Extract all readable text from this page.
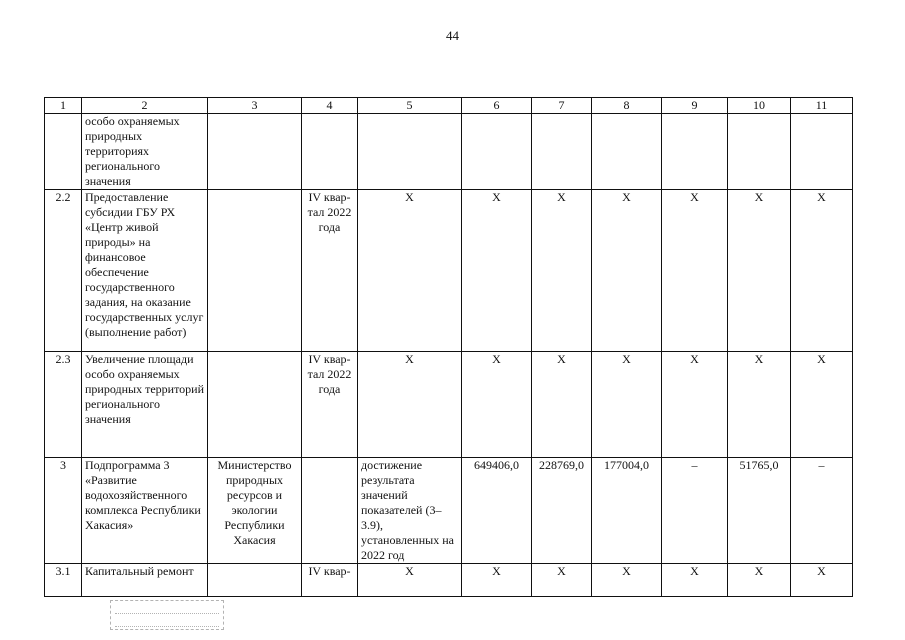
44
1	2	3	4	5	6	7	8	9	10	11
	особо охраняемых природных территориях регионального значения									
2.2	Предоставление субсидии ГБУ РХ «Центр живой природы» на финансовое обеспечение государственного задания, на оказание государственных услуг (выполнение работ)		IV квар- тал 2022 года	X	X	X	X	X	X	X
2.3	Увеличение площади особо охраняемых природных территорий регионального значения		IV квар- тал 2022 года	X	X	X	X	X	X	X
3	Подпрограмма 3 «Развитие водохозяйственного комплекса Республики Хакасия»	Министерство природных ресурсов и экологии Республики Хакасия		достижение результата значений показателей (3–3.9), установленных на 2022 год	649406,0	228769,0	177004,0	–	51765,0	–
3.1	Капитальный ремонт		IV квар-	X	X	X	X	X	X	X
